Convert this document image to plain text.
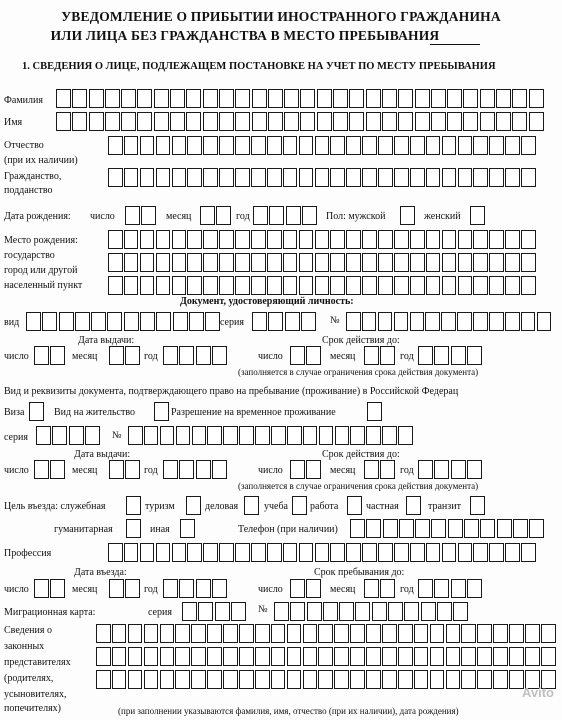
УВЕДОМЛЕНИЕ О ПРИБЫТИИ ИНОСТРАННОГО ГРАЖДАНИНА
ИЛИ ЛИЦА БЕЗ ГРАЖДАНСТВА В МЕСТО ПРЕБЫВАНИЯ
1. СВЕДЕНИЯ О ЛИЦЕ, ПОДЛЕЖАЩЕМ ПОСТАНОВКЕ НА УЧЕТ ПО МЕСТУ ПРЕБЫВАНИЯ
Фамилия
Имя
Отчество
(при их наличии)
Гражданство,
подданство
Дата рождения: число	месяц	год	Пол: мужской	женский
Место рождения:
государство
город или другой
населенный пункт
Документ, удостоверяющий личность:
вид	серия	№
Дата выдачи:	Срок действия до:
число	месяц	год	число	месяц	год
(заполняется в случае ограничения срока действия документа)
Вид и реквизиты документа, подтверждающего право на пребывание (проживание) в Российской Федерац
Виза	Вид на жительство	Разрешение на временное проживание
серия	№
Дата выдачи:	Срок действия до:
число	месяц	год	число	месяц	год
(заполняется в случае ограничения срока действия документа)
Цель въезда: служебная	туризм	деловая	учеба работа	частная	транзит
гуманитарная	иная	Телефон (при наличии)
Профессия
Дата въезда:	Срок пребывания до:
число	месяц	год	число	месяц	год
Миграционная карта:	серия	№
Сведения о
законных
представителях
(родителях,
усыновителях,
попечителях)	(при заполнении указываются фамилия, имя, отчество (при их наличии), дата рождения)
Avito
